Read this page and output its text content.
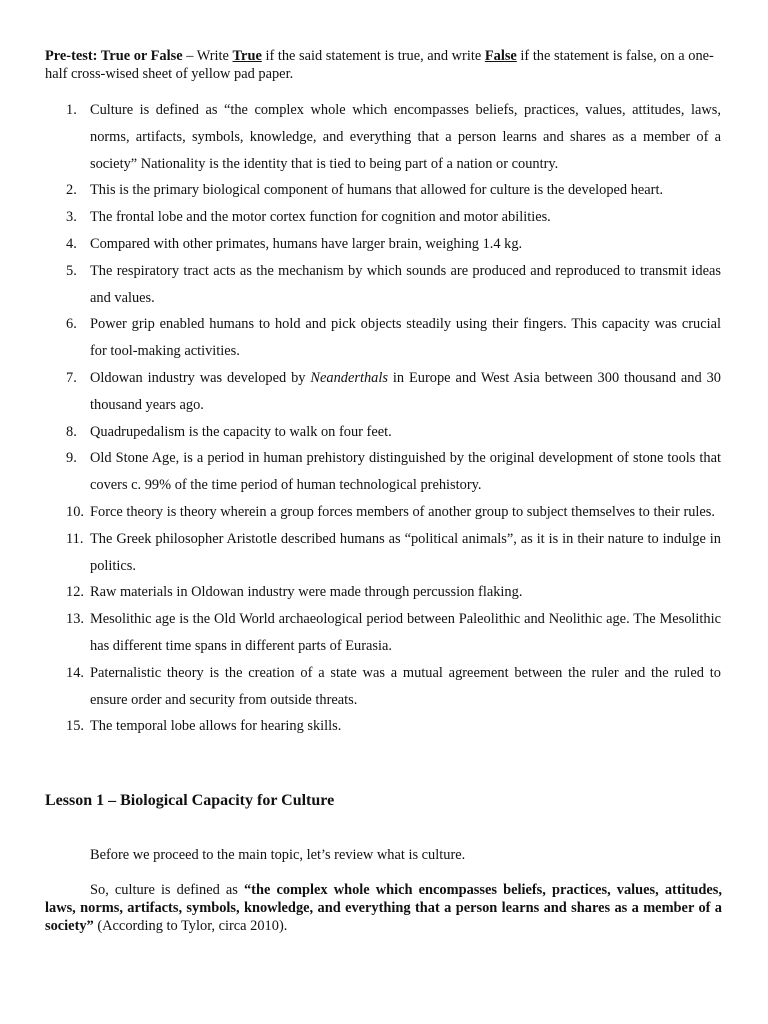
Pre-test: True or False – Write True if the said statement is true, and write False if the statement is false, on a one-half cross-wised sheet of yellow pad paper.
1. Culture is defined as “the complex whole which encompasses beliefs, practices, values, attitudes, laws, norms, artifacts, symbols, knowledge, and everything that a person learns and shares as a member of a society” Nationality is the identity that is tied to being part of a nation or country.
2. This is the primary biological component of humans that allowed for culture is the developed heart.
3. The frontal lobe and the motor cortex function for cognition and motor abilities.
4. Compared with other primates, humans have larger brain, weighing 1.4 kg.
5. The respiratory tract acts as the mechanism by which sounds are produced and reproduced to transmit ideas and values.
6. Power grip enabled humans to hold and pick objects steadily using their fingers. This capacity was crucial for tool-making activities.
7. Oldowan industry was developed by Neanderthals in Europe and West Asia between 300 thousand and 30 thousand years ago.
8. Quadrupedalism is the capacity to walk on four feet.
9. Old Stone Age, is a period in human prehistory distinguished by the original development of stone tools that covers c. 99% of the time period of human technological prehistory.
10. Force theory is theory wherein a group forces members of another group to subject themselves to their rules.
11. The Greek philosopher Aristotle described humans as “political animals”, as it is in their nature to indulge in politics.
12. Raw materials in Oldowan industry were made through percussion flaking.
13. Mesolithic age is the Old World archaeological period between Paleolithic and Neolithic age. The Mesolithic has different time spans in different parts of Eurasia.
14. Paternalistic theory is the creation of a state was a mutual agreement between the ruler and the ruled to ensure order and security from outside threats.
15. The temporal lobe allows for hearing skills.
Lesson 1 – Biological Capacity for Culture
Before we proceed to the main topic, let’s review what is culture.
So, culture is defined as “the complex whole which encompasses beliefs, practices, values, attitudes, laws, norms, artifacts, symbols, knowledge, and everything that a person learns and shares as a member of a society” (According to Tylor, circa 2010).
